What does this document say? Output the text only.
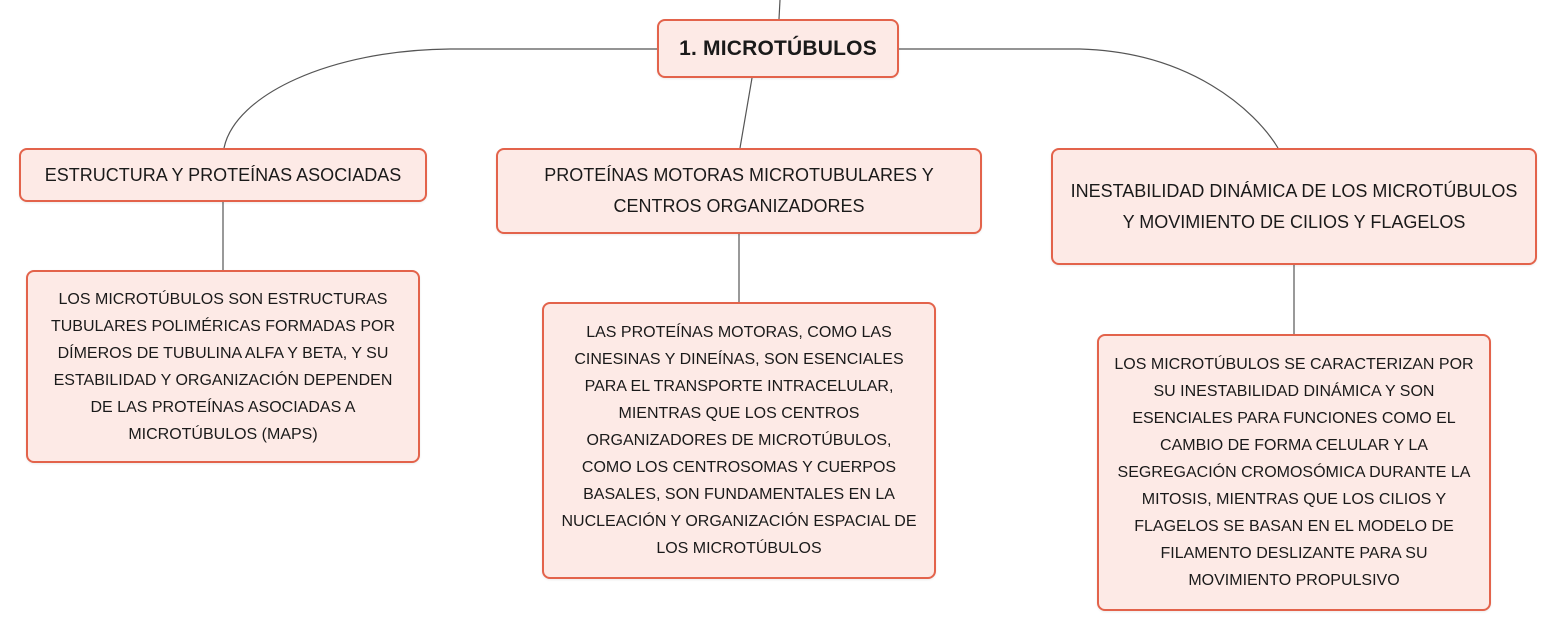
1. MICROTÚBULOS
ESTRUCTURA Y PROTEÍNAS ASOCIADAS	PROTEÍNAS MOTORAS MICROTUBULARES Y
CENTROS ORGANIZADORES
INESTABILIDAD DINÁMICA DE LOS MICROTÚBULOS
Y MOVIMIENTO DE CILIOS Y FLAGELOS
LOS MICROTÚBULOS SON ESTRUCTURAS
TUBULARES POLIMÉRICAS FORMADAS POR
DÍMEROS DE TUBULINA ALFA Y BETA, Y SU
ESTABILIDAD Y ORGANIZACIÓN DEPENDEN
DE LAS PROTEÍNAS ASOCIADAS A
MICROTÚBULOS (MAPS)
LAS PROTEÍNAS MOTORAS, COMO LAS
CINESINAS Y DINEÍNAS, SON ESENCIALES
PARA EL TRANSPORTE INTRACELULAR,
MIENTRAS QUE LOS CENTROS
ORGANIZADORES DE MICROTÚBULOS,
COMO LOS CENTROSOMAS Y CUERPOS
BASALES, SON FUNDAMENTALES EN LA
NUCLEACIÓN Y ORGANIZACIÓN ESPACIAL DE
LOS MICROTÚBULOS
LOS MICROTÚBULOS SE CARACTERIZAN POR
SU INESTABILIDAD DINÁMICA Y SON
ESENCIALES PARA FUNCIONES COMO EL
CAMBIO DE FORMA CELULAR Y LA
SEGREGACIÓN CROMOSÓMICA DURANTE LA
MITOSIS, MIENTRAS QUE LOS CILIOS Y
FLAGELOS SE BASAN EN EL MODELO DE
FILAMENTO DESLIZANTE PARA SU
MOVIMIENTO PROPULSIVO
